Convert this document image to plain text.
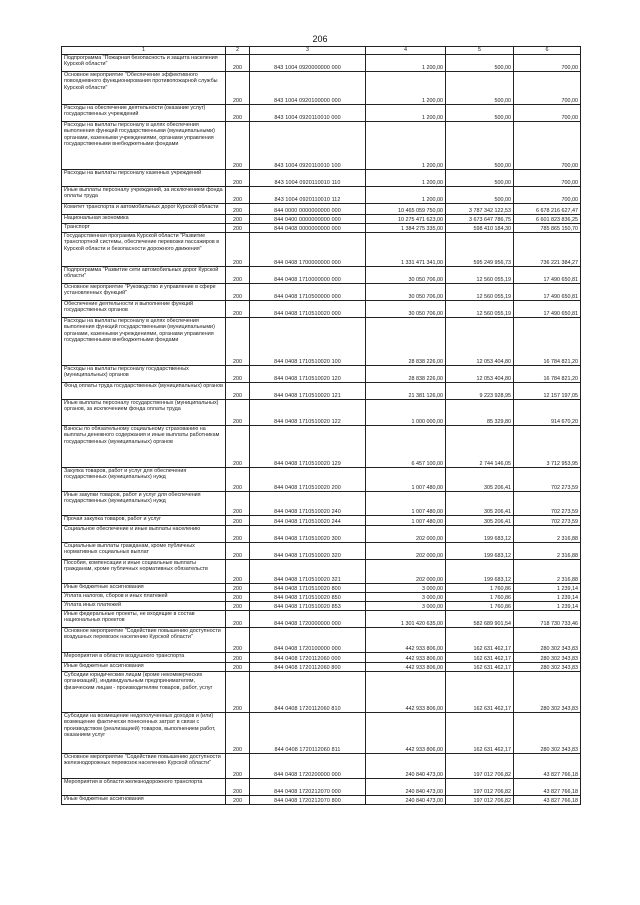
206
1	2	3	4	5	6
Подпрограмма "Пожарная безопасность и защита населения Курской области"	200	843 1004 0920000000 000	1 200,00	500,00	700,00
Основное мероприятие "Обеспечение эффективного повседневного функционирования противопожарной службы Курской области"	200	843 1004 0920100000 000	1 200,00	500,00	700,00
Расходы на обеспечение деятельности (оказание услуг) государственных учреждений	200	843 1004 0920110010 000	1 200,00	500,00	700,00
Расходы на выплаты персоналу в целях обеспечения выполнения функций государственными (муниципальными) органами, казенными учреждениями, органами управления государственными внебюджетными фондами	200	843 1004 0920110010 100	1 200,00	500,00	700,00
Расходы на выплаты персоналу казенных учреждений	200	843 1004 0920110010 110	1 200,00	500,00	700,00
Иные выплаты персоналу учреждений, за исключением фонда оплаты труда	200	843 1004 0920110010 112	1 200,00	500,00	700,00
Комитет транспорта и автомобильных дорог Курской области	200	844 0000 0000000000 000	10 465 059 750,00	3 787 342 122,53	6 678 216 627,47
Национальная экономика	200	844 0400 0000000000 000	10 275 471 623,00	3 673 647 786,75	6 601 823 836,25
Транспорт	200	844 0408 0000000000 000	1 384 275 335,00	598 410 184,30	785 865 150,70
Государственная программа Курской области "Развитие транспортной системы, обеспечение перевозки пассажиров в Курской области и безопасности дорожного движения"	200	844 0408 1700000000 000	1 331 471 341,00	595 249 956,73	736 221 384,27
Подпрограмма "Развитие сети автомобильных дорог Курской области"	200	844 0408 1710000000 000	30 050 706,00	12 560 055,19	17 490 650,81
Основное мероприятие "Руководство и управление в сфере установленных функций"	200	844 0408 1710500000 000	30 050 706,00	12 560 055,19	17 490 650,81
Обеспечение деятельности и выполнение функций государственных органов	200	844 0408 1710510020 000	30 050 706,00	12 560 055,19	17 490 650,81
Расходы на выплаты персоналу в целях обеспечения выполнения функций государственными (муниципальными) органами, казенными учреждениями, органами управления государственными внебюджетными фондами	200	844 0408 1710510020 100	28 838 226,00	12 053 404,80	16 784 821,20
Расходы на выплаты персоналу государственных (муниципальных) органов	200	844 0408 1710510020 120	28 838 226,00	12 053 404,80	16 784 821,20
Фонд оплаты труда государственных (муниципальных) органов	200	844 0408 1710510020 121	21 381 126,00	9 223 928,95	12 157 197,05
Иные выплаты персоналу государственных (муниципальных) органов, за исключением фонда оплаты труда	200	844 0408 1710510020 122	1 000 000,00	85 329,80	914 670,20
Взносы по обязательному социальному страхованию на выплаты денежного содержания и иные выплаты работникам государственных (муниципальных) органов	200	844 0408 1710510020 129	6 457 100,00	2 744 146,05	3 712 953,95
Закупка товаров, работ и услуг для обеспечения государственных (муниципальных) нужд	200	844 0408 1710510020 200	1 007 480,00	305 206,41	702 273,59
Иные закупки товаров, работ и услуг для обеспечения государственных (муниципальных) нужд	200	844 0408 1710510020 240	1 007 480,00	305 206,41	702 273,59
Прочая закупка товаров, работ и услуг	200	844 0408 1710510020 244	1 007 480,00	305 206,41	702 273,59
Социальное обеспечение и иные выплаты населению	200	844 0408 1710510020 300	202 000,00	199 683,12	2 316,88
Социальные выплаты гражданам, кроме публичных нормативных социальных выплат	200	844 0408 1710510020 320	202 000,00	199 683,12	2 316,88
Пособия, компенсации и иные социальные выплаты гражданам, кроме публичных нормативных обязательств	200	844 0408 1710510020 321	202 000,00	199 683,12	2 316,88
Иные бюджетные ассигнования	200	844 0408 1710510020 800	3 000,00	1 760,86	1 239,14
Уплата налогов, сборов и иных платежей	200	844 0408 1710510020 850	3 000,00	1 760,86	1 239,14
Уплата иных платежей	200	844 0408 1710510020 853	3 000,00	1 760,86	1 239,14
Иные федеральные проекты, не входящие в состав национальных проектов	200	844 0408 1720000000 000	1 301 420 635,00	582 689 901,54	718 730 733,46
Основное мероприятие "Содействие повышению доступности воздушных перевозок населению Курской области"	200	844 0408 1720100000 000	442 933 806,00	162 631 462,17	280 302 343,83
Мероприятия в области воздушного транспорта	200	844 0408 1720112060 000	442 933 806,00	162 631 462,17	280 302 343,83
Иные бюджетные ассигнования	200	844 0408 1720112060 800	442 933 806,00	162 631 462,17	280 302 343,83
Субсидии юридическим лицам (кроме некоммерческих организаций), индивидуальным предпринимателям, физическим лицам - производителям товаров, работ, услуг	200	844 0408 1720112060 810	442 933 806,00	162 631 462,17	280 302 343,83
Субсидии на возмещение недополученных доходов и (или) возмещение фактически понесенных затрат в связи с производством (реализацией) товаров, выполнением работ, оказанием услуг	200	844 0408 1720112060 811	442 933 806,00	162 631 462,17	280 302 343,83
Основное мероприятие "Содействие повышению доступности железнодорожных перевозок населению Курской области"	200	844 0408 1720200000 000	240 840 473,00	197 012 706,82	43 827 766,18
Мероприятия в области железнодорожного транспорта	200	844 0408 1720212070 000	240 840 473,00	197 012 706,82	43 827 766,18
Иные бюджетные ассигнования	200	844 0408 1720212070 800	240 840 473,00	197 012 706,82	43 827 766,18
